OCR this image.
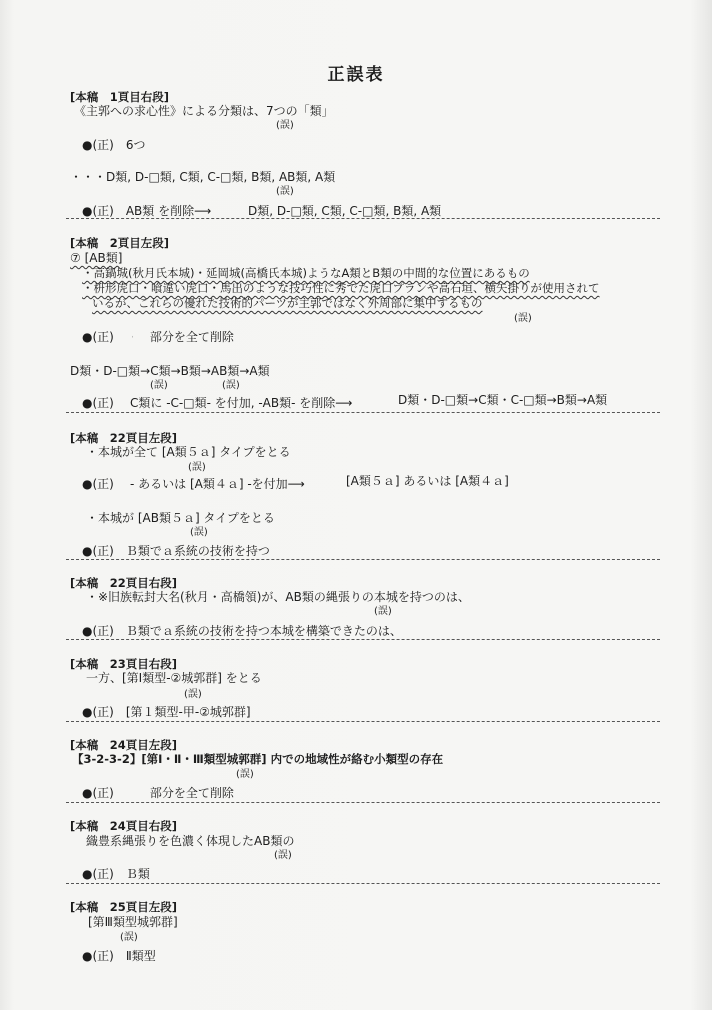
正誤表
[本稿　1頁目右段]
《主郭への求心性》による分類は、7つの「類」
(誤)
●(正)　6つ
・・・D類, D-□類, C類, C-□類, B類, AB類, A類
(誤)
●(正)　AB類 を削除⟶	D類, D-□類, C類, C-□類, B類, A類
[本稿　2頁目左段]
⑦ [AB類]
・高鍋城(秋月氏本城)・延岡城(高橋氏本城)ようなA類とB類の中間的な位置にあるもの
・枡形虎口・喰違い虎口・馬出のような技巧性に秀でた虎口プランや高石垣、横矢掛りが使用されて
いるが、これらの優れた技術的パーツが主郭ではなく外周部に集中するもの
(誤)
●(正)　　　部分を全て削除
D類・D-□類→C類→B類→AB類→A類
(誤)	(誤)
●(正) C類に -C-□類- を付加, -AB類- を削除⟶	D類・D-□類→C類・C-□類→B類→A類
[本稿　22頁目左段]
・本城が全て [A類５ａ] タイプをとる
(誤)
●(正) - あるいは [A類４ａ] -を付加⟶	[A類５ａ] あるいは [A類４ａ]
・本城が [AB類５ａ] タイプをとる
(誤)
●(正)　Ｂ類でａ系統の技術を持つ
[本稿　22頁目右段]
・※旧族転封大名(秋月・高橋領)が、AB類の縄張りの本城を持つのは、
(誤)
●(正)　Ｂ類でａ系統の技術を持つ本城を構築できたのは、
[本稿　23頁目右段]
一方、[第Ⅰ類型-②城郭群] をとる
(誤)
●(正)　[第１類型-甲-②城郭群]
[本稿　24頁目左段]
【3-2-3-2】[第Ⅰ・Ⅱ・Ⅲ類型城郭群] 内での地域性が絡む小類型の存在
(誤)
●(正)　　　部分を全て削除
[本稿　24頁目右段]
織豊系縄張りを色濃く体現したAB類の
(誤)
●(正)　Ｂ類
[本稿　25頁目左段]
[第Ⅲ類型城郭群]
(誤)
●(正)　Ⅱ類型
